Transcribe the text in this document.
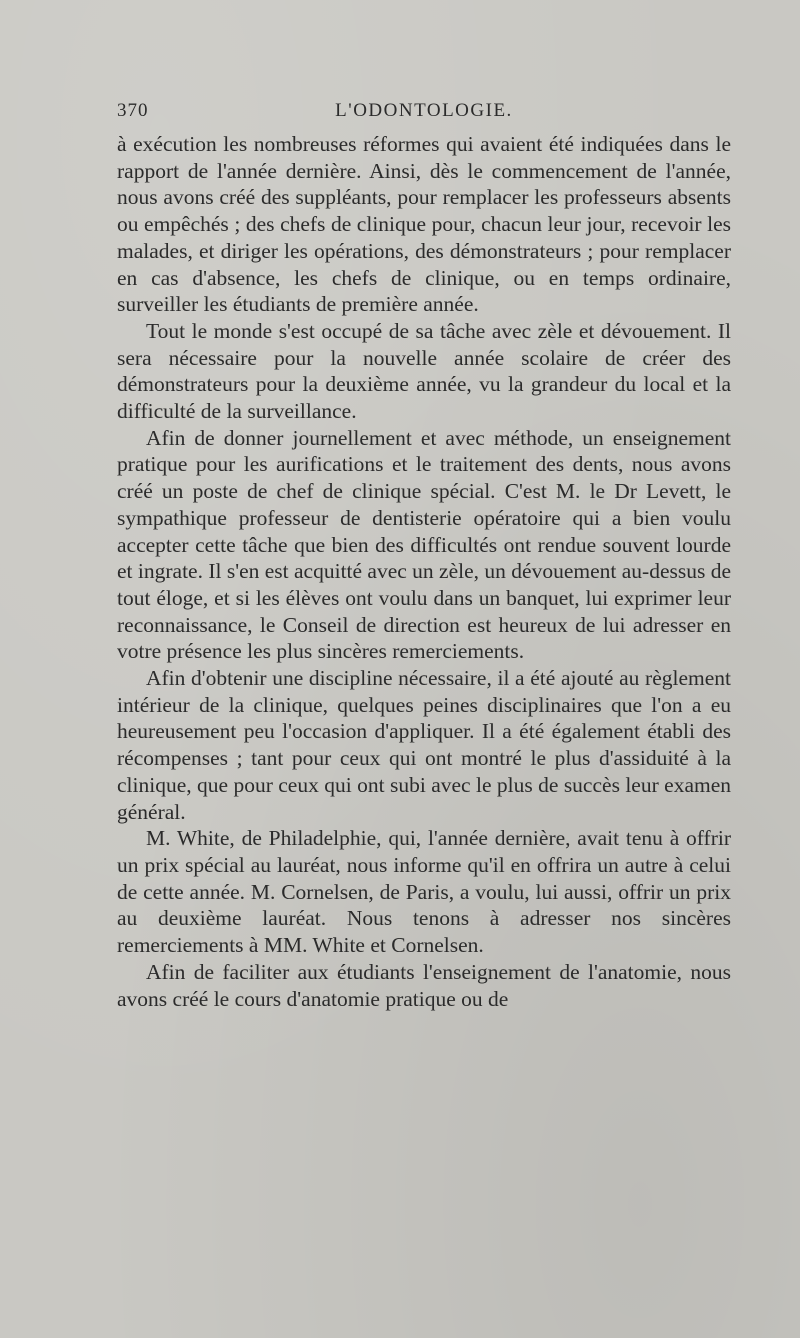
370	L'ODONTOLOGIE.

à exécution les nombreuses réformes qui avaient été indiquées dans le rapport de l'année dernière. Ainsi, dès le commencement de l'année, nous avons créé des suppléants, pour remplacer les professeurs absents ou empêchés ; des chefs de clinique pour, chacun leur jour, recevoir les malades, et diriger les opérations, des démonstrateurs ; pour remplacer en cas d'absence, les chefs de clinique, ou en temps ordinaire, surveiller les étudiants de première année.

Tout le monde s'est occupé de sa tâche avec zèle et dévouement. Il sera nécessaire pour la nouvelle année scolaire de créer des démonstrateurs pour la deuxième année, vu la grandeur du local et la difficulté de la surveillance.

Afin de donner journellement et avec méthode, un enseignement pratique pour les aurifications et le traitement des dents, nous avons créé un poste de chef de clinique spécial. C'est M. le Dr Levett, le sympathique professeur de dentisterie opératoire qui a bien voulu accepter cette tâche que bien des difficultés ont rendue souvent lourde et ingrate. Il s'en est acquitté avec un zèle, un dévouement au-dessus de tout éloge, et si les élèves ont voulu dans un banquet, lui exprimer leur reconnaissance, le Conseil de direction est heureux de lui adresser en votre présence les plus sincères remerciements.

Afin d'obtenir une discipline nécessaire, il a été ajouté au règlement intérieur de la clinique, quelques peines disciplinaires que l'on a eu heureusement peu l'occasion d'appliquer. Il a été également établi des récompenses ; tant pour ceux qui ont montré le plus d'assiduité à la clinique, que pour ceux qui ont subi avec le plus de succès leur examen général.

M. White, de Philadelphie, qui, l'année dernière, avait tenu à offrir un prix spécial au lauréat, nous informe qu'il en offrira un autre à celui de cette année. M. Cornelsen, de Paris, a voulu, lui aussi, offrir un prix au deuxième lauréat. Nous tenons à adresser nos sincères remerciements à MM. White et Cornelsen.

Afin de faciliter aux étudiants l'enseignement de l'anatomie, nous avons créé le cours d'anatomie pratique ou de
